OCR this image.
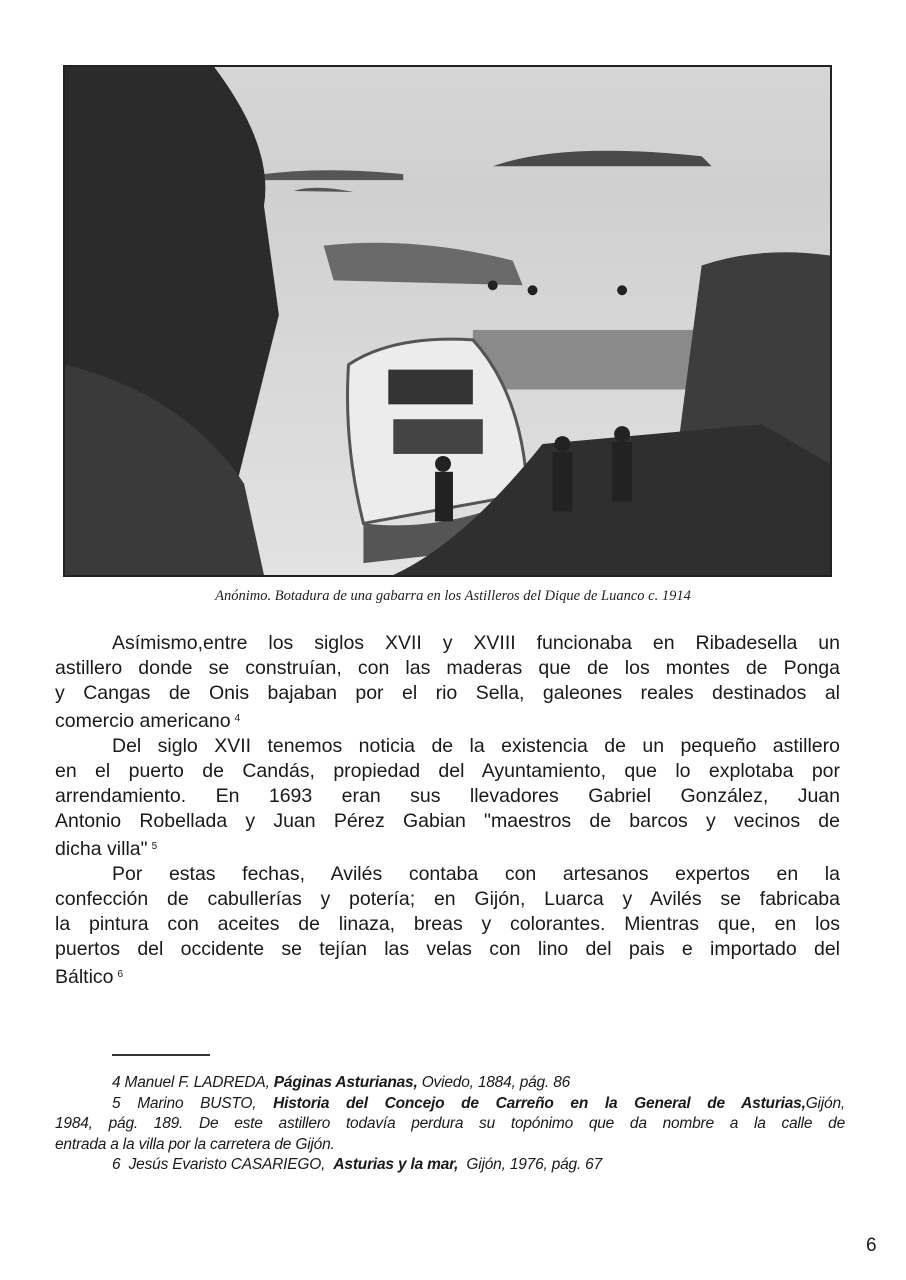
Anónimo. Botadura de una gabarra en los Astilleros del Dique de Luanco c. 1914
Asímismo,entre los siglos XVII y XVIII funcionaba en Ribadesella un
astillero donde se construían, con las maderas que de los montes de Ponga
y Cangas de Onis bajaban por el rio Sella, galeones reales destinados al
comercio americano $^4$
Del siglo XVII tenemos noticia de la existencia de un pequeño astillero
en el puerto de Candás, propiedad del Ayuntamiento, que lo explotaba por
arrendamiento. En 1693 eran sus llevadores Gabriel González, Juan
Antonio Robellada y Juan Pérez Gabian "maestros de barcos y vecinos de
dicha villa" $^5$
Por estas fechas, Avilés contaba con artesanos expertos en la
confección de cabullerías y potería; en Gijón, Luarca y Avilés se fabricaba
la pintura con aceites de linaza, breas y colorantes. Mientras que, en los
puertos del occidente se tejían las velas con lino del pais e importado del
Báltico $^6$
4 Manuel F. LADREDA, Páginas Asturianas, Oviedo, 1884, pág. 86
5 Marino BUSTO, Historia del Concejo de Carreño en la General de Asturias,Gijón,
1984, pág. 189. De este astillero todavía perdura su topónimo que da nombre a la calle de
entrada a la villa por la carretera de Gijón.
6  Jesús Evaristo CASARIEGO,  Asturias y la mar,  Gijón, 1976, pág. 67
6
